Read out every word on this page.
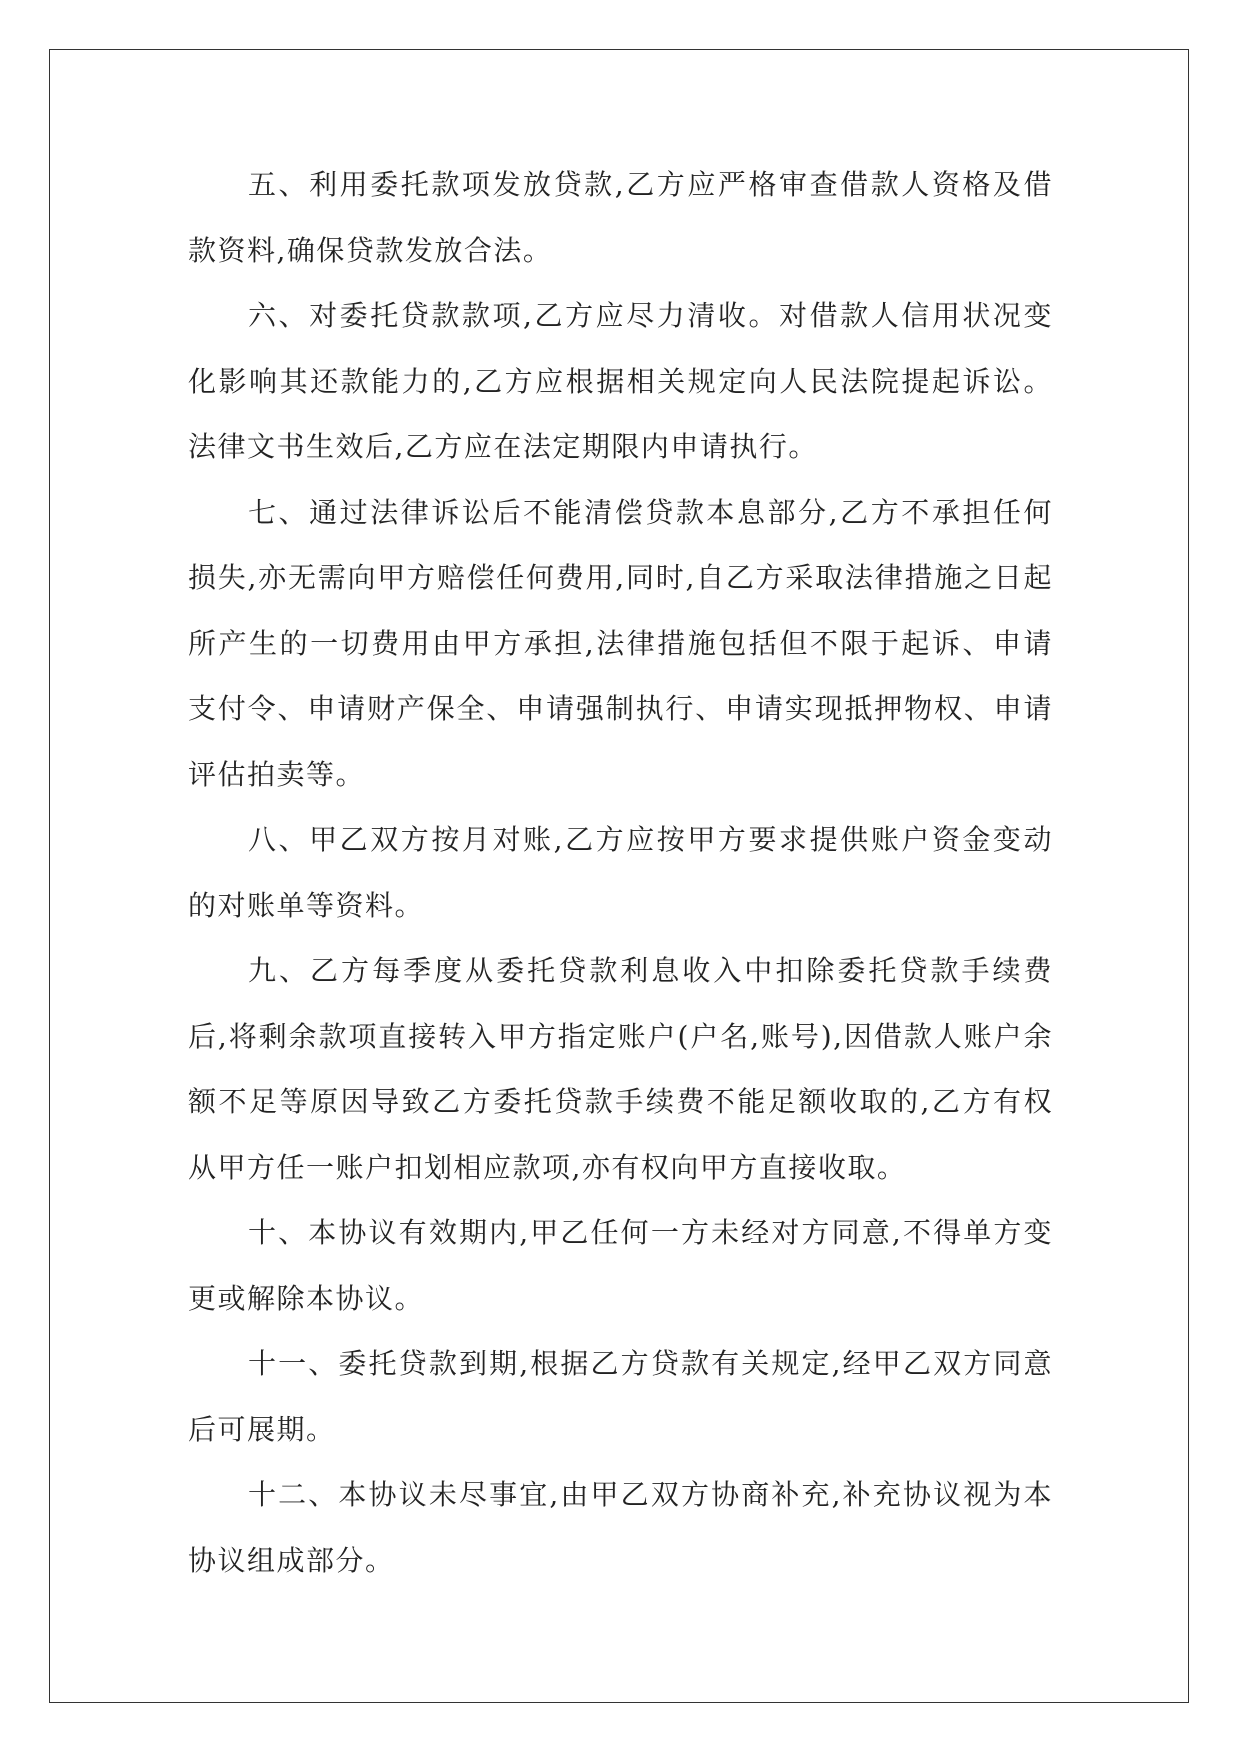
五、利用委托款项发放贷款,乙方应严格审查借款人资格及借款资料,确保贷款发放合法。

六、对委托贷款款项,乙方应尽力清收。对借款人信用状况变化影响其还款能力的,乙方应根据相关规定向人民法院提起诉讼。法律文书生效后,乙方应在法定期限内申请执行。

七、通过法律诉讼后不能清偿贷款本息部分,乙方不承担任何损失,亦无需向甲方赔偿任何费用,同时,自乙方采取法律措施之日起所产生的一切费用由甲方承担,法律措施包括但不限于起诉、申请支付令、申请财产保全、申请强制执行、申请实现抵押物权、申请评估拍卖等。

八、甲乙双方按月对账,乙方应按甲方要求提供账户资金变动的对账单等资料。

九、乙方每季度从委托贷款利息收入中扣除委托贷款手续费后,将剩余款项直接转入甲方指定账户(户名,账号),因借款人账户余额不足等原因导致乙方委托贷款手续费不能足额收取的,乙方有权从甲方任一账户扣划相应款项,亦有权向甲方直接收取。

十、本协议有效期内,甲乙任何一方未经对方同意,不得单方变更或解除本协议。

十一、委托贷款到期,根据乙方贷款有关规定,经甲乙双方同意后可展期。

十二、本协议未尽事宜,由甲乙双方协商补充,补充协议视为本协议组成部分。
